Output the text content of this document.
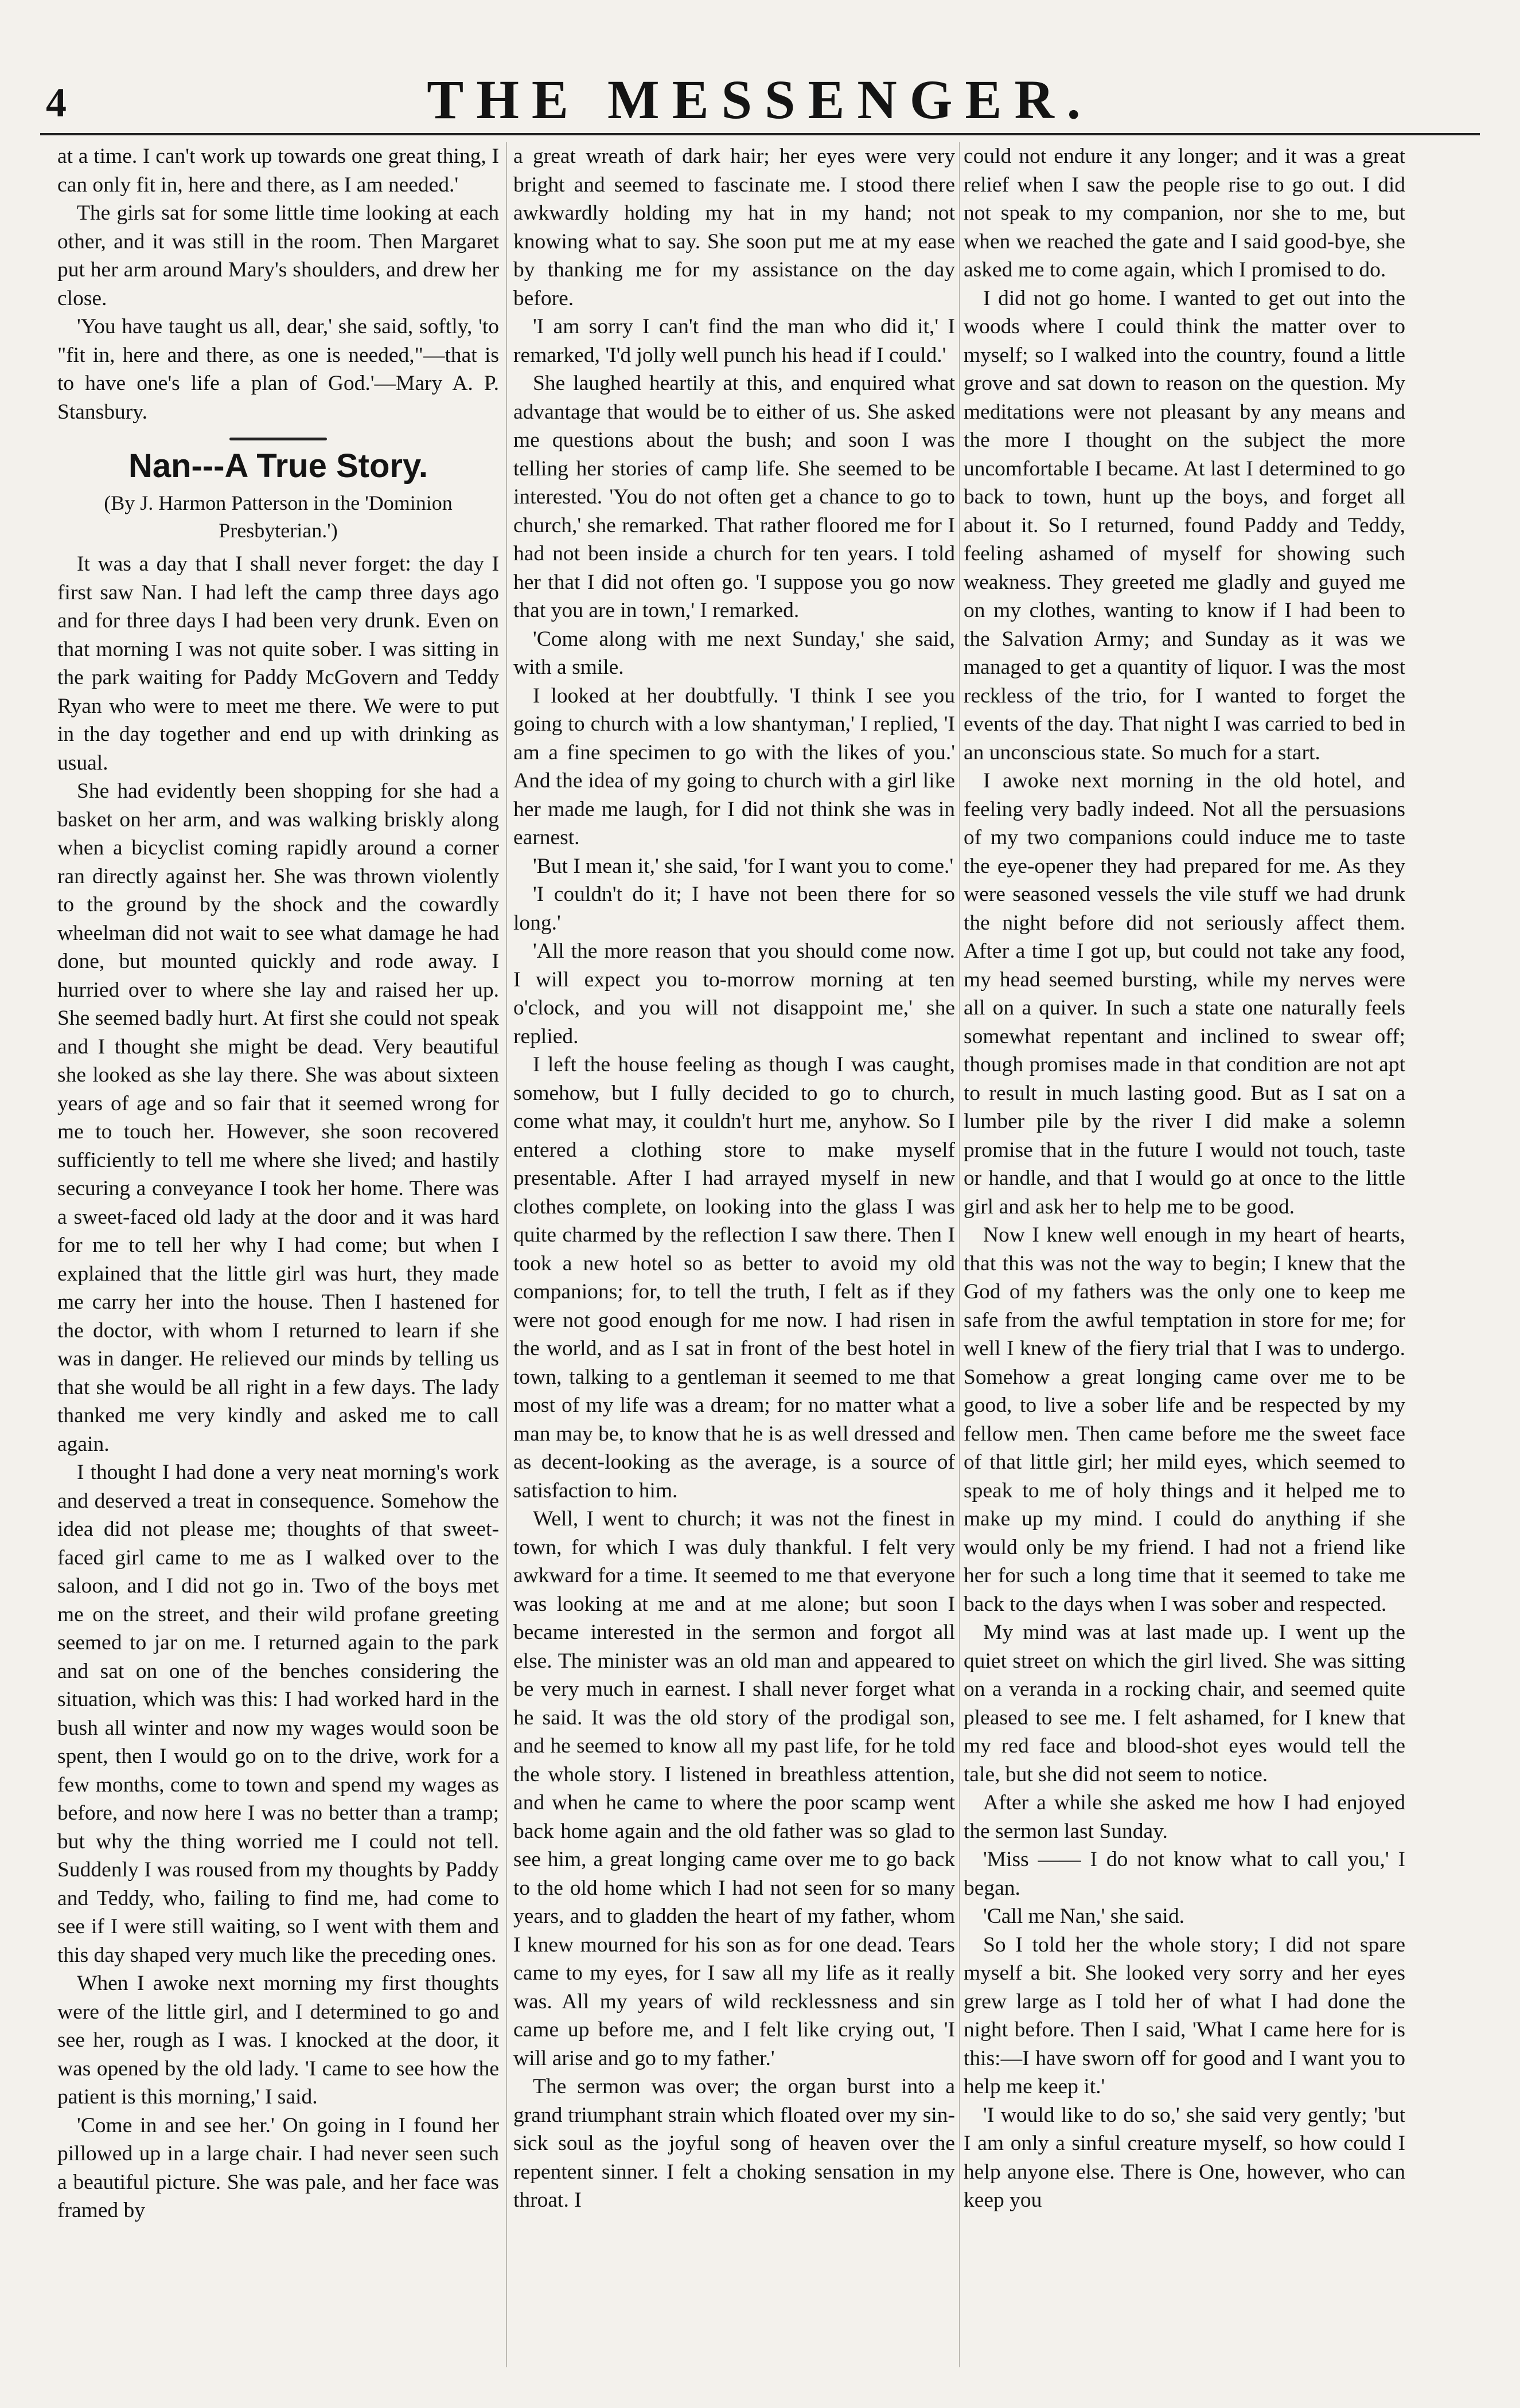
4	THE MESSENGER.

at a time. I can't work up towards one great thing, I can only fit in, here and there, as I am needed.'

The girls sat for some little time looking at each other, and it was still in the room. Then Margaret put her arm around Mary's shoulders, and drew her close.

'You have taught us all, dear,' she said, softly, 'to "fit in, here and there, as one is needed,"—that is to have one's life a plan of God.'—Mary A. P. Stansbury.

Nan---A True Story.
(By J. Harmon Patterson in the 'Dominion Presbyterian.')

It was a day that I shall never forget: the day I first saw Nan. I had left the camp three days ago and for three days I had been very drunk. Even on that morning I was not quite sober. I was sitting in the park waiting for Paddy McGovern and Teddy Ryan who were to meet me there. We were to put in the day together and end up with drinking as usual.

She had evidently been shopping for she had a basket on her arm, and was walking briskly along when a bicyclist coming rapidly around a corner ran directly against her. She was thrown violently to the ground by the shock and the cowardly wheelman did not wait to see what damage he had done, but mounted quickly and rode away. I hurried over to where she lay and raised her up. She seemed badly hurt. At first she could not speak and I thought she might be dead. Very beautiful she looked as she lay there. She was about sixteen years of age and so fair that it seemed wrong for me to touch her. However, she soon recovered sufficiently to tell me where she lived; and hastily securing a conveyance I took her home. There was a sweet-faced old lady at the door and it was hard for me to tell her why I had come; but when I explained that the little girl was hurt, they made me carry her into the house. Then I hastened for the doctor, with whom I returned to learn if she was in danger. He relieved our minds by telling us that she would be all right in a few days. The lady thanked me very kindly and asked me to call again.

I thought I had done a very neat morning's work and deserved a treat in consequence. Somehow the idea did not please me; thoughts of that sweet-faced girl came to me as I walked over to the saloon, and I did not go in. Two of the boys met me on the street, and their wild profane greeting seemed to jar on me. I returned again to the park and sat on one of the benches considering the situation, which was this: I had worked hard in the bush all winter and now my wages would soon be spent, then I would go on to the drive, work for a few months, come to town and spend my wages as before, and now here I was no better than a tramp; but why the thing worried me I could not tell. Suddenly I was roused from my thoughts by Paddy and Teddy, who, failing to find me, had come to see if I were still waiting, so I went with them and this day shaped very much like the preceding ones.

When I awoke next morning my first thoughts were of the little girl, and I determined to go and see her, rough as I was. I knocked at the door, it was opened by the old lady. 'I came to see how the patient is this morning,' I said.

'Come in and see her.' On going in I found her pillowed up in a large chair. I had never seen such a beautiful picture. She was pale, and her face was framed by

a great wreath of dark hair; her eyes were very bright and seemed to fascinate me. I stood there awkwardly holding my hat in my hand; not knowing what to say. She soon put me at my ease by thanking me for my assistance on the day before.

'I am sorry I can't find the man who did it,' I remarked, 'I'd jolly well punch his head if I could.'

She laughed heartily at this, and enquired what advantage that would be to either of us. She asked me questions about the bush; and soon I was telling her stories of camp life. She seemed to be interested. 'You do not often get a chance to go to church,' she remarked. That rather floored me for I had not been inside a church for ten years. I told her that I did not often go. 'I suppose you go now that you are in town,' I remarked.

'Come along with me next Sunday,' she said, with a smile.

I looked at her doubtfully. 'I think I see you going to church with a low shantyman,' I replied, 'I am a fine specimen to go with the likes of you.' And the idea of my going to church with a girl like her made me laugh, for I did not think she was in earnest.

'But I mean it,' she said, 'for I want you to come.'

'I couldn't do it; I have not been there for so long.'

'All the more reason that you should come now. I will expect you to-morrow morning at ten o'clock, and you will not disappoint me,' she replied.

I left the house feeling as though I was caught, somehow, but I fully decided to go to church, come what may, it couldn't hurt me, anyhow. So I entered a clothing store to make myself presentable. After I had arrayed myself in new clothes complete, on looking into the glass I was quite charmed by the reflection I saw there. Then I took a new hotel so as better to avoid my old companions; for, to tell the truth, I felt as if they were not good enough for me now. I had risen in the world, and as I sat in front of the best hotel in town, talking to a gentleman it seemed to me that most of my life was a dream; for no matter what a man may be, to know that he is as well dressed and as decent-looking as the average, is a source of satisfaction to him.

Well, I went to church; it was not the finest in town, for which I was duly thankful. I felt very awkward for a time. It seemed to me that everyone was looking at me and at me alone; but soon I became interested in the sermon and forgot all else. The minister was an old man and appeared to be very much in earnest. I shall never forget what he said. It was the old story of the prodigal son, and he seemed to know all my past life, for he told the whole story. I listened in breathless attention, and when he came to where the poor scamp went back home again and the old father was so glad to see him, a great longing came over me to go back to the old home which I had not seen for so many years, and to gladden the heart of my father, whom I knew mourned for his son as for one dead. Tears came to my eyes, for I saw all my life as it really was. All my years of wild recklessness and sin came up before me, and I felt like crying out, 'I will arise and go to my father.'

The sermon was over; the organ burst into a grand triumphant strain which floated over my sin-sick soul as the joyful song of heaven over the repentent sinner. I felt a choking sensation in my throat. I

could not endure it any longer; and it was a great relief when I saw the people rise to go out. I did not speak to my companion, nor she to me, but when we reached the gate and I said good-bye, she asked me to come again, which I promised to do.

I did not go home. I wanted to get out into the woods where I could think the matter over to myself; so I walked into the country, found a little grove and sat down to reason on the question. My meditations were not pleasant by any means and the more I thought on the subject the more uncomfortable I became. At last I determined to go back to town, hunt up the boys, and forget all about it. So I returned, found Paddy and Teddy, feeling ashamed of myself for showing such weakness. They greeted me gladly and guyed me on my clothes, wanting to know if I had been to the Salvation Army; and Sunday as it was we managed to get a quantity of liquor. I was the most reckless of the trio, for I wanted to forget the events of the day. That night I was carried to bed in an unconscious state. So much for a start.

I awoke next morning in the old hotel, and feeling very badly indeed. Not all the persuasions of my two companions could induce me to taste the eye-opener they had prepared for me. As they were seasoned vessels the vile stuff we had drunk the night before did not seriously affect them. After a time I got up, but could not take any food, my head seemed bursting, while my nerves were all on a quiver. In such a state one naturally feels somewhat repentant and inclined to swear off; though promises made in that condition are not apt to result in much lasting good. But as I sat on a lumber pile by the river I did make a solemn promise that in the future I would not touch, taste or handle, and that I would go at once to the little girl and ask her to help me to be good.

Now I knew well enough in my heart of hearts, that this was not the way to begin; I knew that the God of my fathers was the only one to keep me safe from the awful temptation in store for me; for well I knew of the fiery trial that I was to undergo. Somehow a great longing came over me to be good, to live a sober life and be respected by my fellow men. Then came before me the sweet face of that little girl; her mild eyes, which seemed to speak to me of holy things and it helped me to make up my mind. I could do anything if she would only be my friend. I had not a friend like her for such a long time that it seemed to take me back to the days when I was sober and respected.

My mind was at last made up. I went up the quiet street on which the girl lived. She was sitting on a veranda in a rocking chair, and seemed quite pleased to see me. I felt ashamed, for I knew that my red face and blood-shot eyes would tell the tale, but she did not seem to notice.

After a while she asked me how I had enjoyed the sermon last Sunday.

'Miss —— I do not know what to call you,' I began.

'Call me Nan,' she said.

So I told her the whole story; I did not spare myself a bit. She looked very sorry and her eyes grew large as I told her of what I had done the night before. Then I said, 'What I came here for is this:—I have sworn off for good and I want you to help me keep it.'

'I would like to do so,' she said very gently; 'but I am only a sinful creature myself, so how could I help anyone else. There is One, however, who can keep you
